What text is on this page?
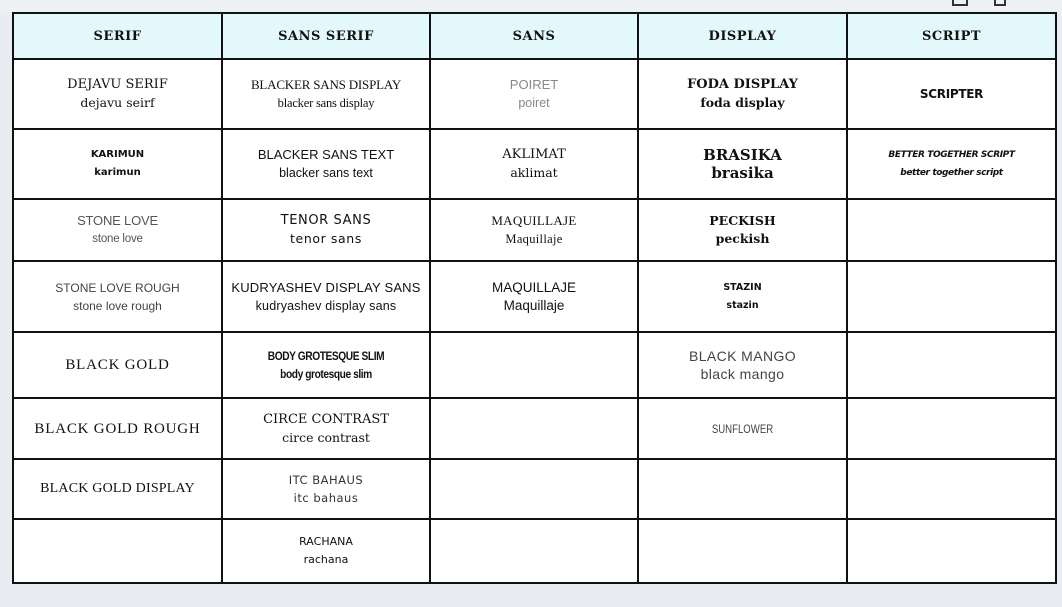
SERIF	SANS SERIF	SANS	DISPLAY	SCRIPT

DEJAVU SERIF
dejavu seirf	BLACKER SANS DISPLAY
blacker sans display	POIRET
poiret	FODA DISPLAY
foda display	SCRIPTER

KARIMUN
karimun	BLACKER SANS TEXT
blacker sans text	AKLIMAT
aklimat	BRASIKA
brasika	BETTER TOGETHER SCRIPT
better together script

STONE LOVE
stone love	TENOR SANS
tenor sans	MAQUILLAJE
Maquillaje	PECKISH
peckish	

STONE LOVE ROUGH
stone love rough	KUDRYASHEV DISPLAY SANS
kudryashev display sans	MAQUILLAJE
Maquillaje	STAZIN
stazin	

BLACK GOLD	BODY GROTESQUE SLIM
body grotesque slim		BLACK MANGO
black mango	

BLACK GOLD ROUGH	CIRCE CONTRAST
circe contrast		SUNFLOWER	

BLACK GOLD DISPLAY	ITC BAHAUS
itc bahaus			

	RACHANA
rachana			
